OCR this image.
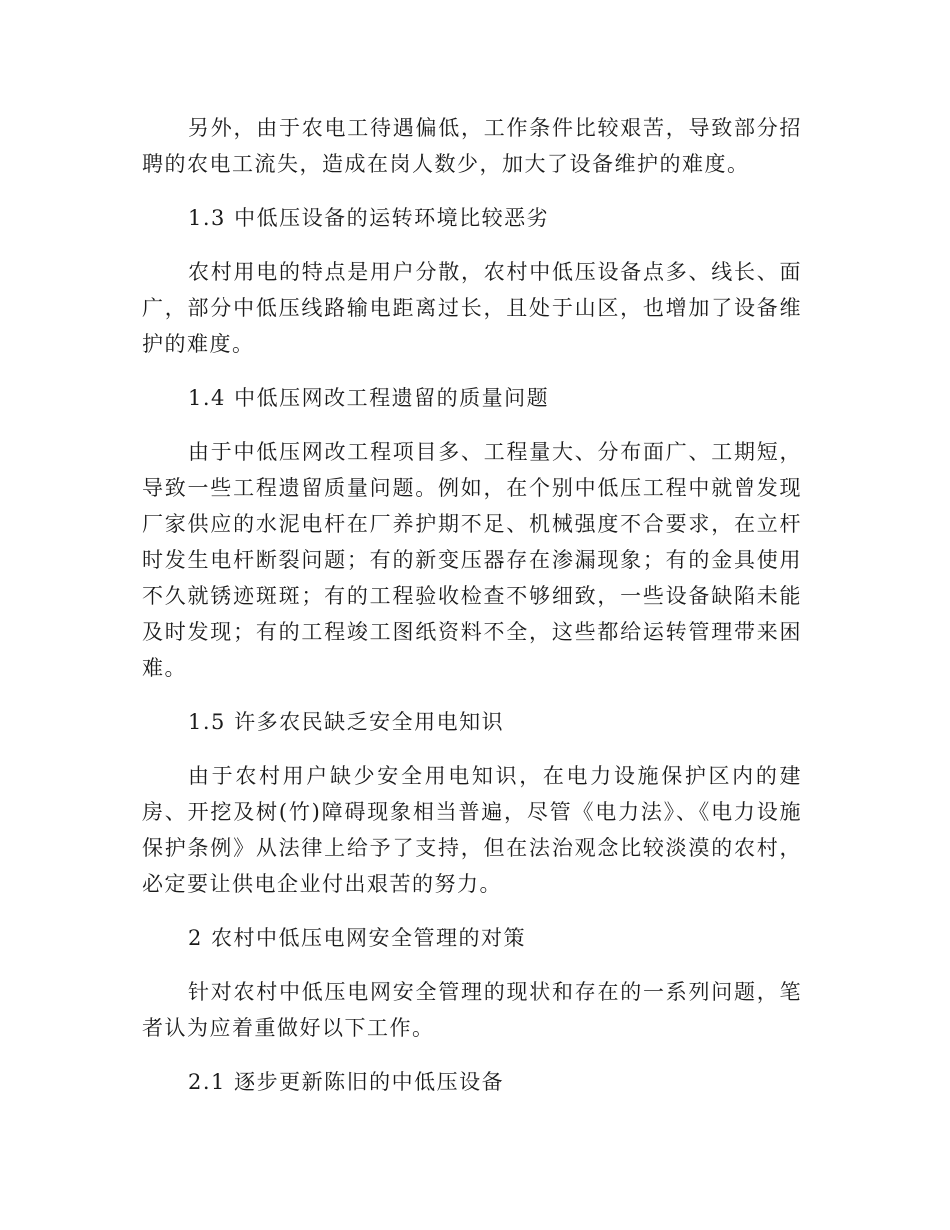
另外，由于农电工待遇偏低，工作条件比较艰苦，导致部分招聘的农电工流失，造成在岗人数少，加大了设备维护的难度。

1.3 中低压设备的运转环境比较恶劣

农村用电的特点是用户分散，农村中低压设备点多、线长、面广，部分中低压线路输电距离过长，且处于山区，也增加了设备维护的难度。

1.4 中低压网改工程遗留的质量问题

由于中低压网改工程项目多、工程量大、分布面广、工期短，导致一些工程遗留质量问题。例如，在个别中低压工程中就曾发现厂家供应的水泥电杆在厂养护期不足、机械强度不合要求，在立杆时发生电杆断裂问题；有的新变压器存在渗漏现象；有的金具使用不久就锈迹斑斑；有的工程验收检查不够细致，一些设备缺陷未能及时发现；有的工程竣工图纸资料不全，这些都给运转管理带来困难。

1.5 许多农民缺乏安全用电知识

由于农村用户缺少安全用电知识，在电力设施保护区内的建房、开挖及树(竹)障碍现象相当普遍，尽管《电力法》、《电力设施保护条例》从法律上给予了支持，但在法治观念比较淡漠的农村，必定要让供电企业付出艰苦的努力。

2 农村中低压电网安全管理的对策

针对农村中低压电网安全管理的现状和存在的一系列问题，笔者认为应着重做好以下工作。

2.1 逐步更新陈旧的中低压设备
